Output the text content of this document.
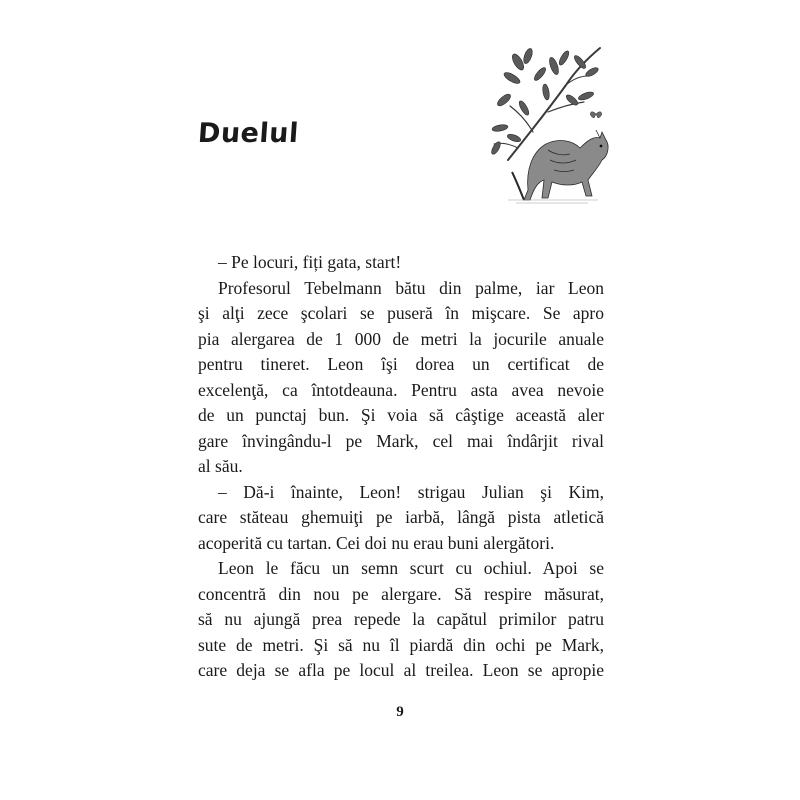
Duelul
– Pe locuri, fiți gata, start!
Profesorul Tebelmann bătu din palme, iar Leon
şi alţi zece şcolari se puseră în mişcare. Se apro
pia alergarea de 1 000 de metri la jocurile anuale
pentru tineret. Leon îşi dorea un certificat de
excelenţă, ca întotdeauna. Pentru asta avea nevoie
de un punctaj bun. Şi voia să câştige această aler
gare învingându-l pe Mark, cel mai îndârjit rival
al său.
– Dă-i înainte, Leon! strigau Julian şi Kim,
care stăteau ghemuiţi pe iarbă, lângă pista atletică
acoperită cu tartan. Cei doi nu erau buni alergători.
Leon le făcu un semn scurt cu ochiul. Apoi se
concentră din nou pe alergare. Să respire măsurat,
să nu ajungă prea repede la capătul primilor patru
sute de metri. Şi să nu îl piardă din ochi pe Mark,
care deja se afla pe locul al treilea. Leon se apropie
9
